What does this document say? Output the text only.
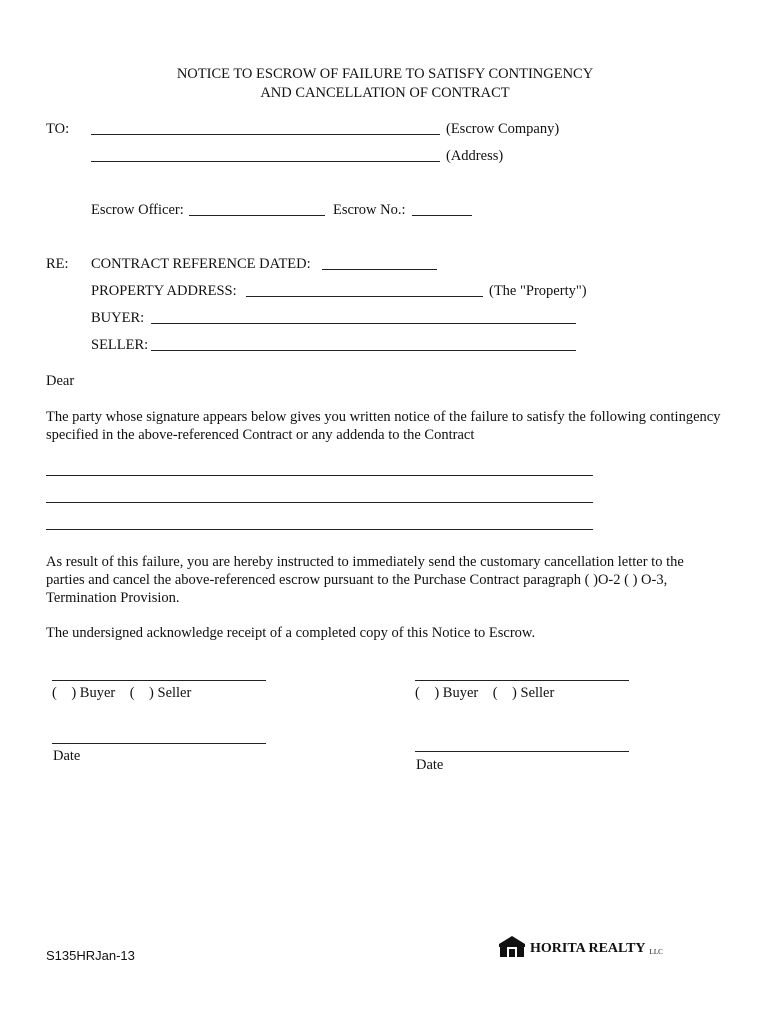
NOTICE TO ESCROW OF FAILURE TO SATISFY CONTINGENCY
AND CANCELLATION OF CONTRACT
TO:	(Escrow Company)
(Address)
Escrow Officer:	Escrow No.:
RE: CONTRACT REFERENCE DATED:
PROPERTY ADDRESS:	(The "Property")
BUYER:
SELLER:
Dear
The party whose signature appears below gives you written notice of the failure to satisfy the following contingency specified in the above-referenced Contract or any addenda to the Contract
As result of this failure, you are hereby instructed to immediately send the customary cancellation letter to the parties and cancel the above-referenced escrow pursuant to the Purchase Contract paragraph ( )O-2 ( ) O-3, Termination Provision.
The undersigned acknowledge receipt of a completed copy of this Notice to Escrow.
(    ) Buyer    (    ) Seller	(    ) Buyer    (    ) Seller
Date
Date
S135HRJan-13	HORITA REALTY LLC
